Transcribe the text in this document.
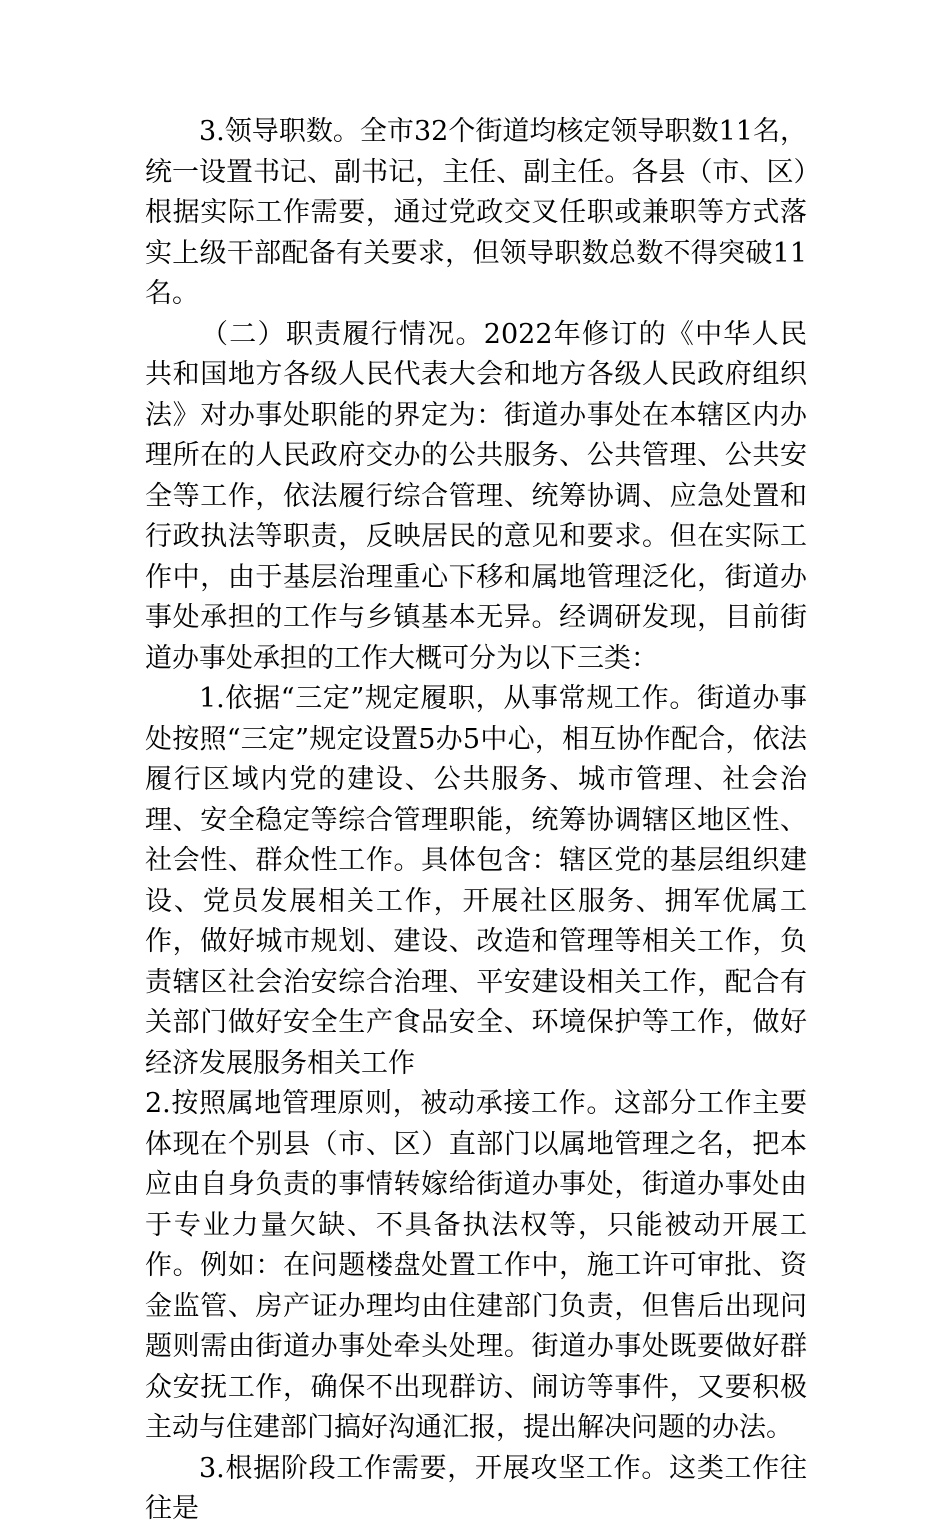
3.领导职数。全市32个街道均核定领导职数11名，统一设置书记、副书记，主任、副主任。各县（市、区）根据实际工作需要，通过党政交叉任职或兼职等方式落实上级干部配备有关要求，但领导职数总数不得突破11名。

（二）职责履行情况。2022年修订的《中华人民共和国地方各级人民代表大会和地方各级人民政府组织法》对办事处职能的界定为：街道办事处在本辖区内办理所在的人民政府交办的公共服务、公共管理、公共安全等工作，依法履行综合管理、统筹协调、应急处置和行政执法等职责，反映居民的意见和要求。但在实际工作中，由于基层治理重心下移和属地管理泛化，街道办事处承担的工作与乡镇基本无异。经调研发现，目前街道办事处承担的工作大概可分为以下三类：

1.依据“三定”规定履职，从事常规工作。街道办事处按照“三定”规定设置5办5中心，相互协作配合，依法履行区域内党的建设、公共服务、城市管理、社会治理、安全稳定等综合管理职能，统筹协调辖区地区性、社会性、群众性工作。具体包含：辖区党的基层组织建设、党员发展相关工作，开展社区服务、拥军优属工作，做好城市规划、建设、改造和管理等相关工作，负责辖区社会治安综合治理、平安建设相关工作，配合有关部门做好安全生产食品安全、环境保护等工作，做好经济发展服务相关工作

2.按照属地管理原则，被动承接工作。这部分工作主要体现在个别县（市、区）直部门以属地管理之名，把本应由自身负责的事情转嫁给街道办事处，街道办事处由于专业力量欠缺、不具备执法权等，只能被动开展工作。例如：在问题楼盘处置工作中，施工许可审批、资金监管、房产证办理均由住建部门负责，但售后出现问题则需由街道办事处牵头处理。街道办事处既要做好群众安抚工作，确保不出现群访、闹访等事件，又要积极主动与住建部门搞好沟通汇报，提出解决问题的办法。

3.根据阶段工作需要，开展攻坚工作。这类工作往往是
